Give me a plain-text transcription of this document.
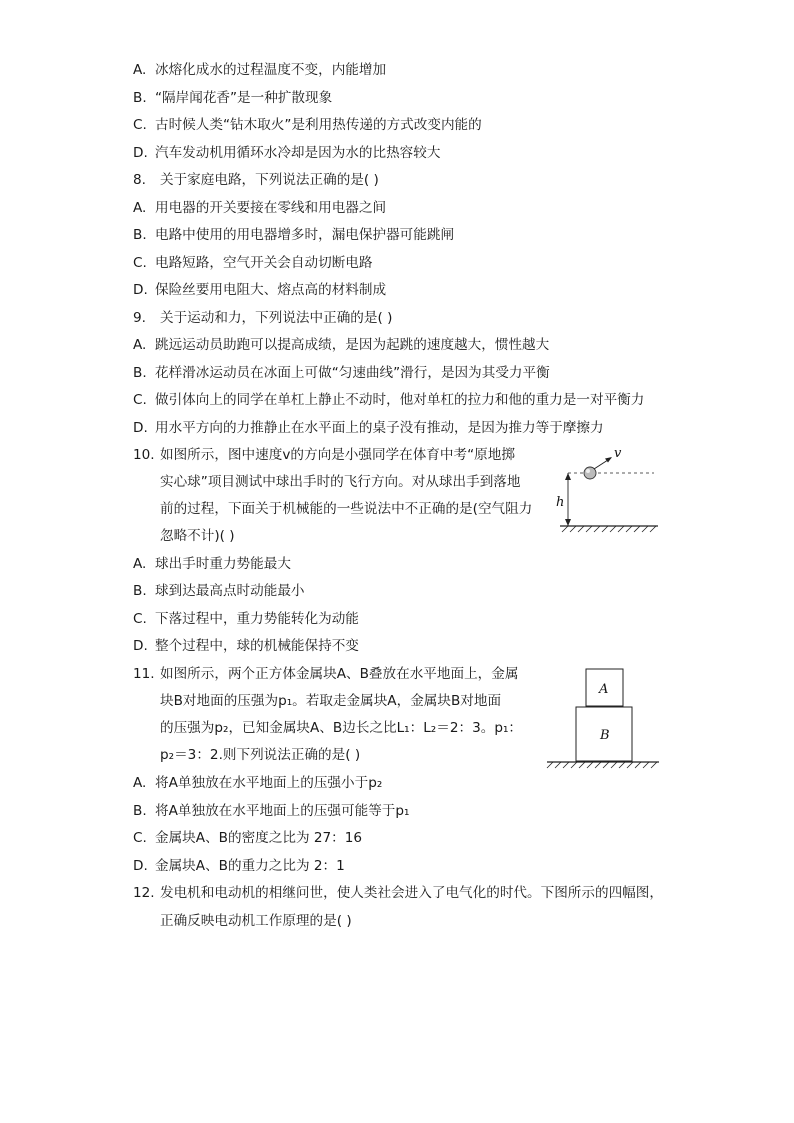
A. 冰熔化成水的过程温度不变，内能增加
B. “隔岸闻花香”是一种扩散现象
C. 古时候人类“钻木取火”是利用热传递的方式改变内能的
D. 汽车发动机用循环水冷却是因为水的比热容较大
8. 关于家庭电路，下列说法正确的是( )
A. 用电器的开关要接在零线和用电器之间
B. 电路中使用的用电器增多时，漏电保护器可能跳闸
C. 电路短路，空气开关会自动切断电路
D. 保险丝要用电阻大、熔点高的材料制成
9. 关于运动和力，下列说法中正确的是( )
A. 跳远运动员助跑可以提高成绩，是因为起跳的速度越大，惯性越大
B. 花样滑冰运动员在冰面上可做“匀速曲线”滑行，是因为其受力平衡
C. 做引体向上的同学在单杠上静止不动时，他对单杠的拉力和他的重力是一对平衡力
D. 用水平方向的力推静止在水平面上的桌子没有推动，是因为推力等于摩擦力
10. 如图所示，图中速度v的方向是小强同学在体育中考“原地掷
实心球”项目测试中球出手时的飞行方向。对从球出手到落地
前的过程，下面关于机械能的一些说法中不正确的是(空气阻力
忽略不计)( )
v
h
A. 球出手时重力势能最大
B. 球到达最高点时动能最小
C. 下落过程中，重力势能转化为动能
D. 整个过程中，球的机械能保持不变
11. 如图所示，两个正方体金属块A、B叠放在水平地面上，金属
块B对地面的压强为p₁。若取走金属块A，金属块B对地面
的压强为p₂，已知金属块A、B边长之比L₁：L₂＝2：3。p₁：
p₂＝3：2.则下列说法正确的是( )
A
B
A. 将A单独放在水平地面上的压强小于p₂
B. 将A单独放在水平地面上的压强可能等于p₁
C. 金属块A、B的密度之比为 27：16
D. 金属块A、B的重力之比为 2：1
12. 发电机和电动机的相继问世，使人类社会进入了电气化的时代。下图所示的四幅图，
正确反映电动机工作原理的是( )
